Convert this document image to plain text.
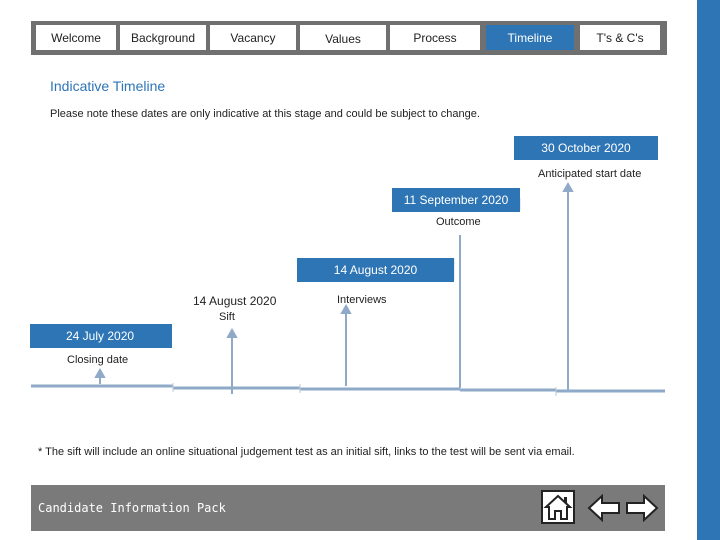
Welcome	Background	Vacancy	Values	Process	Timeline	T's & C's
Indicative Timeline
Please note these dates are only indicative at this stage and could be subject to change.
24 July 2020
Closing date
14 August 2020
Sift
14 August 2020
Interviews
11 September 2020
Outcome
30 October 2020
Anticipated start date
* The sift will include an online situational judgement test as an initial sift, links to the test will be sent via email.
Candidate Information Pack
